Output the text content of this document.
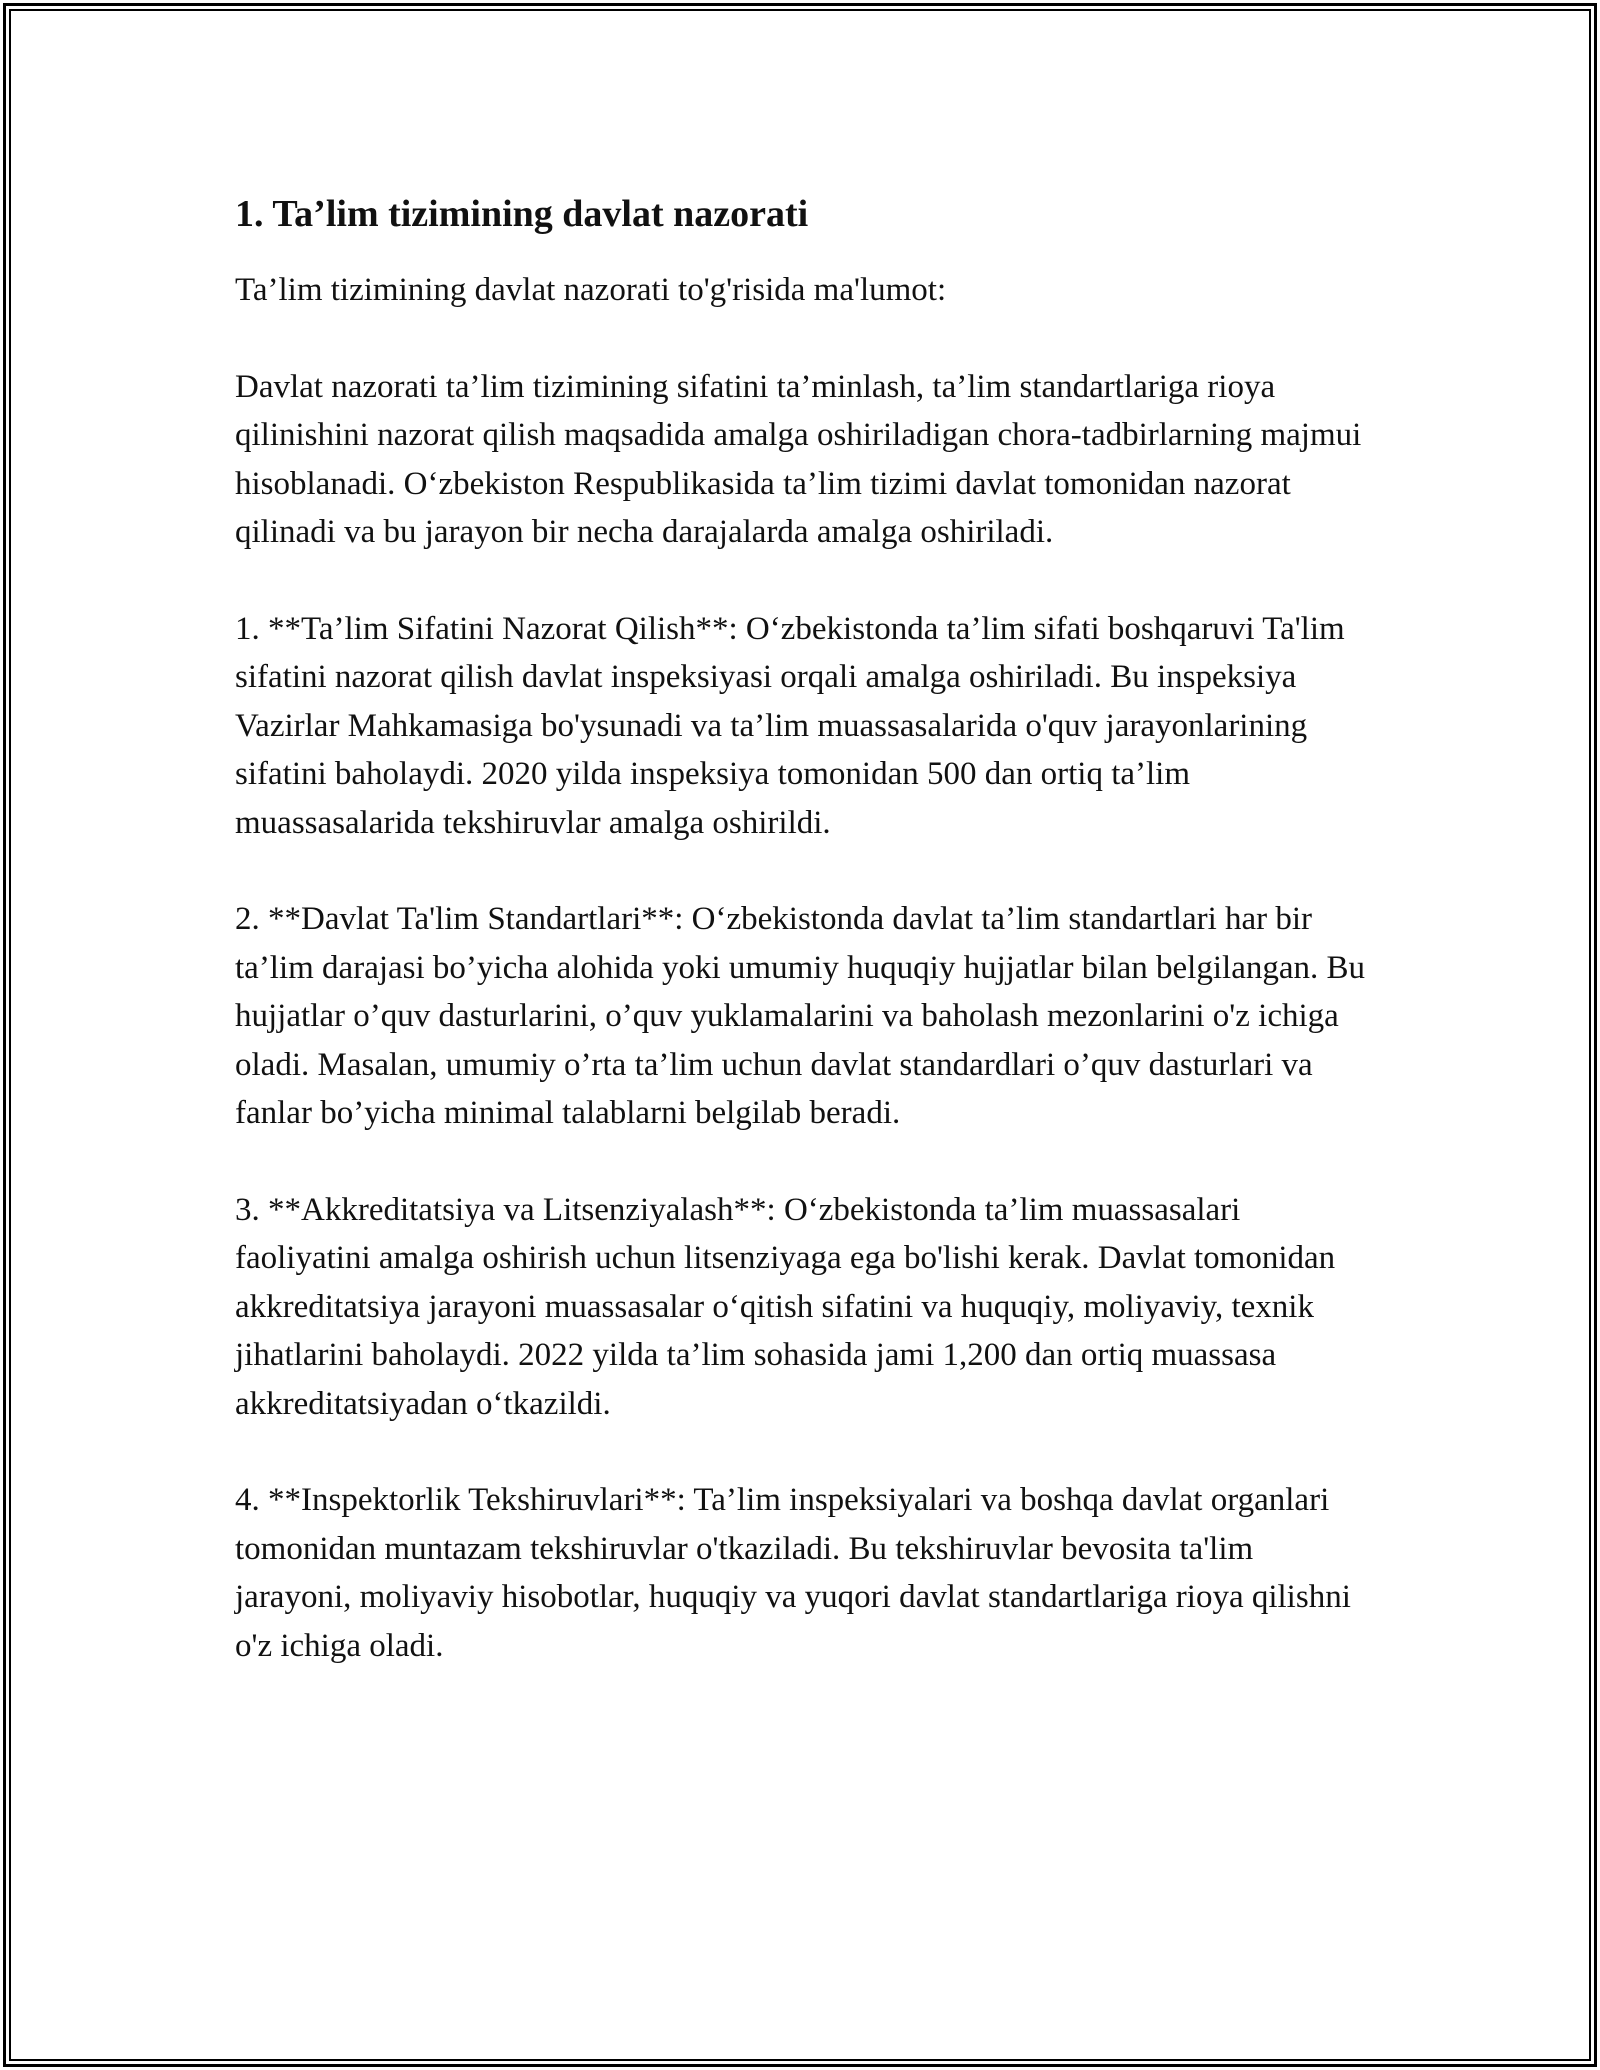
1. Ta’lim tizimining davlat nazorati

Ta’lim tizimining davlat nazorati to'g'risida ma'lumot:

Davlat nazorati ta’lim tizimining sifatini ta’minlash, ta’lim standartlariga rioya qilinishini nazorat qilish maqsadida amalga oshiriladigan chora-tadbirlarning majmui hisoblanadi. O‘zbekiston Respublikasida ta’lim tizimi davlat tomonidan nazorat qilinadi va bu jarayon bir necha darajalarda amalga oshiriladi.

1. **Ta’lim Sifatini Nazorat Qilish**: O‘zbekistonda ta’lim sifati boshqaruvi Ta'lim sifatini nazorat qilish davlat inspeksiyasi orqali amalga oshiriladi. Bu inspeksiya Vazirlar Mahkamasiga bo'ysunadi va ta’lim muassasalarida o'quv jarayonlarining sifatini baholaydi. 2020 yilda inspeksiya tomonidan 500 dan ortiq ta’lim muassasalarida tekshiruvlar amalga oshirildi.

2. **Davlat Ta'lim Standartlari**: O‘zbekistonda davlat ta’lim standartlari har bir ta’lim darajasi bo’yicha alohida yoki umumiy huquqiy hujjatlar bilan belgilangan. Bu hujjatlar o’quv dasturlarini, o’quv yuklamalarini va baholash mezonlarini o'z ichiga oladi. Masalan, umumiy o’rta ta’lim uchun davlat standardlari o’quv dasturlari va fanlar bo’yicha minimal talablarni belgilab beradi.

3. **Akkreditatsiya va Litsenziyalash**: O‘zbekistonda ta’lim muassasalari faoliyatini amalga oshirish uchun litsenziyaga ega bo'lishi kerak. Davlat tomonidan akkreditatsiya jarayoni muassasalar o‘qitish sifatini va huquqiy, moliyaviy, texnik jihatlarini baholaydi. 2022 yilda ta’lim sohasida jami 1,200 dan ortiq muassasa akkreditatsiyadan o‘tkazildi.

4. **Inspektorlik Tekshiruvlari**: Ta’lim inspeksiyalari va boshqa davlat organlari tomonidan muntazam tekshiruvlar o'tkaziladi. Bu tekshiruvlar bevosita ta'lim jarayoni, moliyaviy hisobotlar, huquqiy va yuqori davlat standartlariga rioya qilishni o'z ichiga oladi.
